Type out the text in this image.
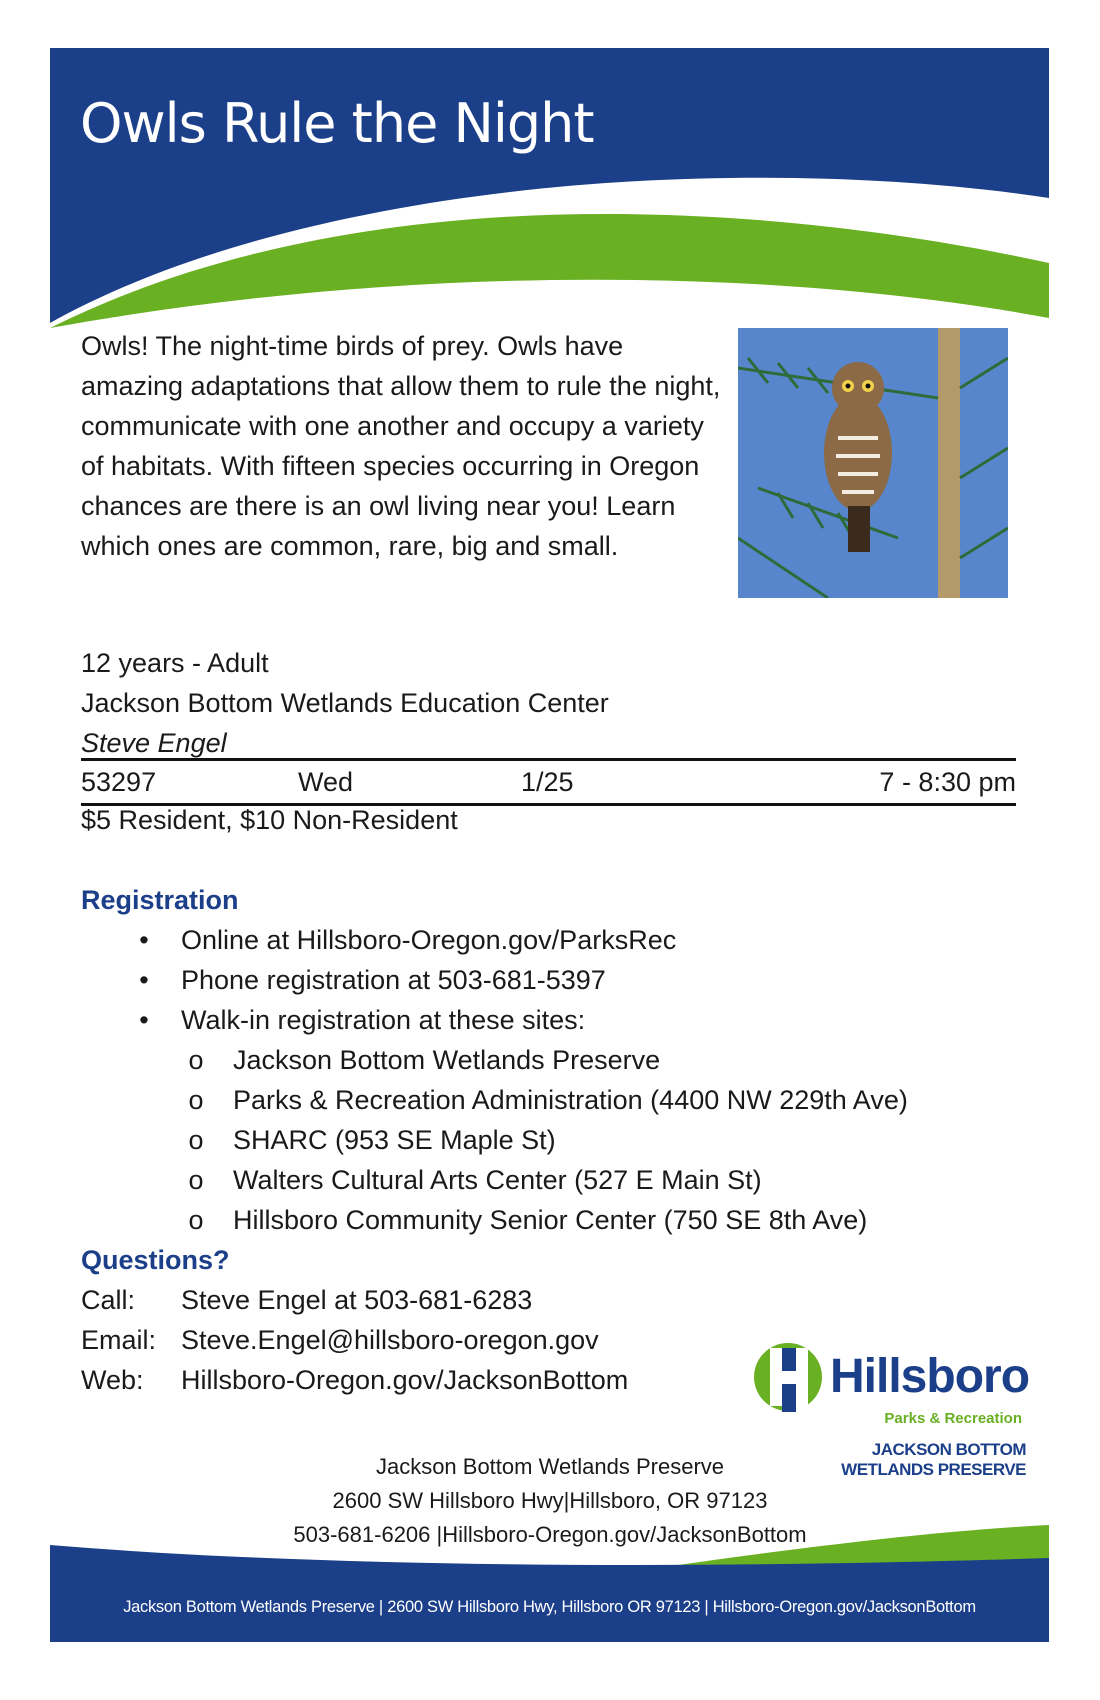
Owls Rule the Night

Owls! The night-time birds of prey. Owls have amazing adaptations that allow them to rule the night, communicate with one another and occupy a variety of habitats. With fifteen species occurring in Oregon chances are there is an owl living near you! Learn which ones are common, rare, big and small.

12 years - Adult
Jackson Bottom Wetlands Education Center
Steve Engel
53297	Wed	1/25	7 - 8:30 pm
$5 Resident, $10 Non-Resident
Registration
•	Online at Hillsboro-Oregon.gov/ParksRec
•	Phone registration at 503-681-5397
•	Walk-in registration at these sites:
o Jackson Bottom Wetlands Preserve
o Parks & Recreation Administration (4400 NW 229th Ave)
o SHARC (953 SE Maple St)
o Walters Cultural Arts Center (527 E Main St)
o Hillsboro Community Senior Center (750 SE 8th Ave)
Questions?
Call: Steve Engel at 503-681-6283
Email: Steve.Engel@hillsboro-oregon.gov
Web: Hillsboro-Oregon.gov/JacksonBottom	Hillsboro
Parks & Recreation
JACKSON BOTTOM
WETLANDS PRESERVE
Jackson Bottom Wetlands Preserve
2600 SW Hillsboro Hwy|Hillsboro, OR 97123
503-681-6206 |Hillsboro-Oregon.gov/JacksonBottom
Jackson Bottom Wetlands Preserve | 2600 SW Hillsboro Hwy, Hillsboro OR 97123 | Hillsboro-Oregon.gov/JacksonBottom
